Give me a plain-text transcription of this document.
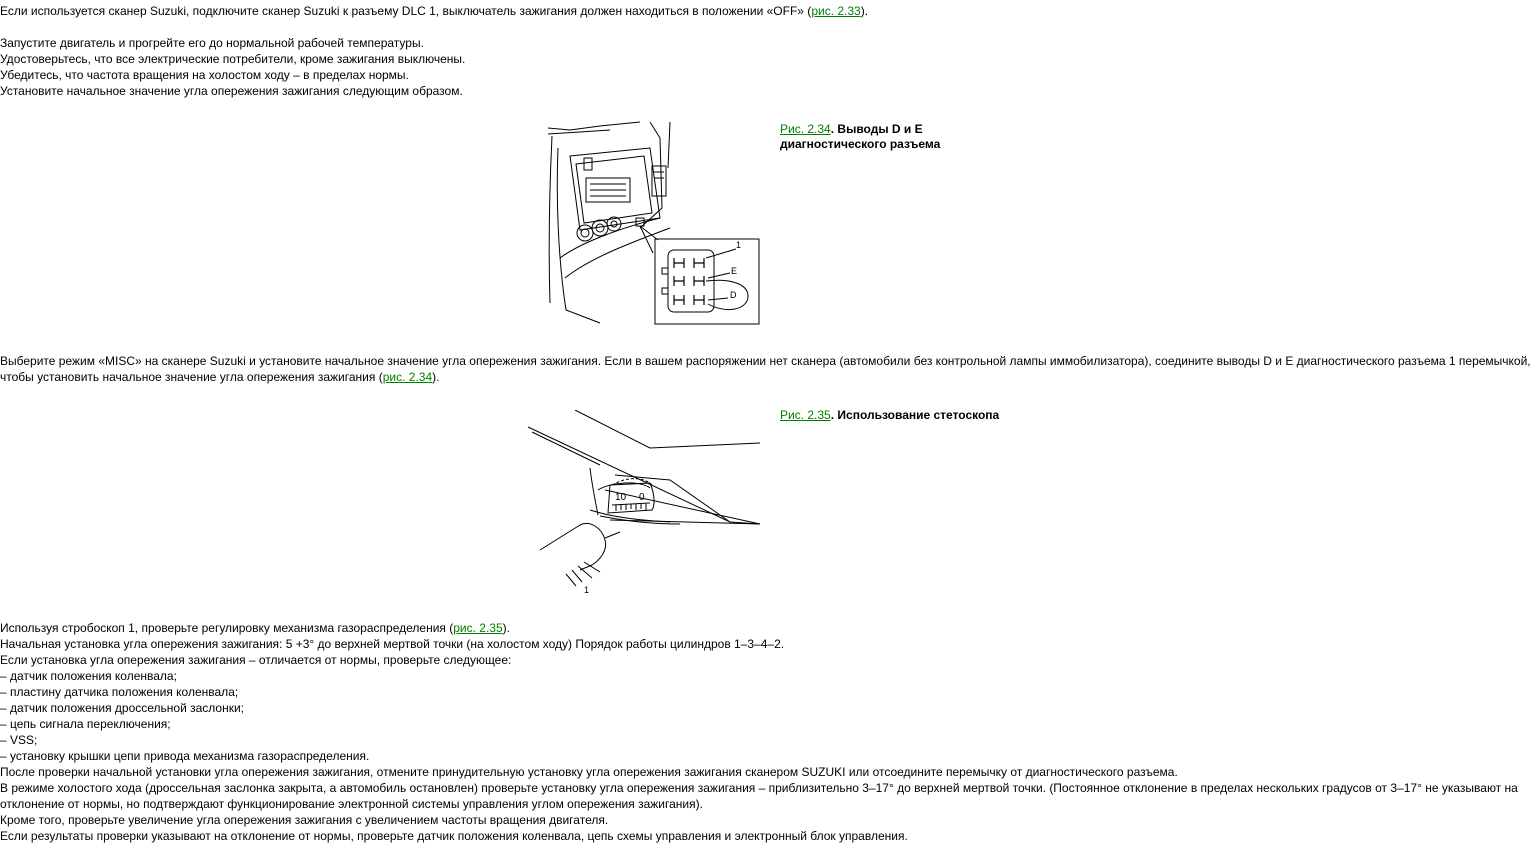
Если используется сканер Suzuki, подключите сканер Suzuki к разъему DLC 1, выключатель зажигания должен находиться в положении «OFF» (рис. 2.33).
Запустите двигатель и прогрейте его до нормальной рабочей температуры.
Удостоверьтесь, что все электрические потребители, кроме зажигания выключены.
Убедитесь, что частота вращения на холостом ходу – в пределах нормы.
Установите начальное значение угла опережения зажигания следующим образом.
1
E
D
Рис. 2.34. Выводы D и E
диагностического разъема
Выберите режим «MISC» на сканере Suzuki и установите начальное значение угла опережения зажигания. Если в вашем распоряжении нет сканера (автомобили без контрольной лампы иммобилизатора), соедините выводы D и E диагностического разъема 1 перемычкой, чтобы установить начальное значение угла опережения зажигания (рис. 2.34).
10 0
1
Рис. 2.35. Использование стетоскопа
Используя стробоскоп 1, проверьте регулировку механизма газораспределения (рис. 2.35).
Начальная установка угла опережения зажигания: 5 +3° до верхней мертвой точки (на холостом ходу) Порядок работы цилиндров 1–3–4–2.
Если установка угла опережения зажигания – отличается от нормы, проверьте следующее:
– датчик положения коленвала;
– пластину датчика положения коленвала;
– датчик положения дроссельной заслонки;
– цепь сигнала переключения;
– VSS;
– установку крышки цепи привода механизма газораспределения.
После проверки начальной установки угла опережения зажигания, отмените принудительную установку угла опережения зажигания сканером SUZUKI или отсоедините перемычку от диагностического разъема.
В режиме холостого хода (дроссельная заслонка закрыта, а автомобиль остановлен) проверьте установку угла опережения зажигания – приблизительно 3–17° до верхней мертвой точки. (Постоянное отклонение в пределах нескольких градусов от 3–17° не указывают на отклонение от нормы, но подтверждают функционирование электронной системы управления углом опережения зажигания).
Кроме того, проверьте увеличение угла опережения зажигания с увеличением частоты вращения двигателя.
Если результаты проверки указывают на отклонение от нормы, проверьте датчик положения коленвала, цепь схемы управления и электронный блок управления.
